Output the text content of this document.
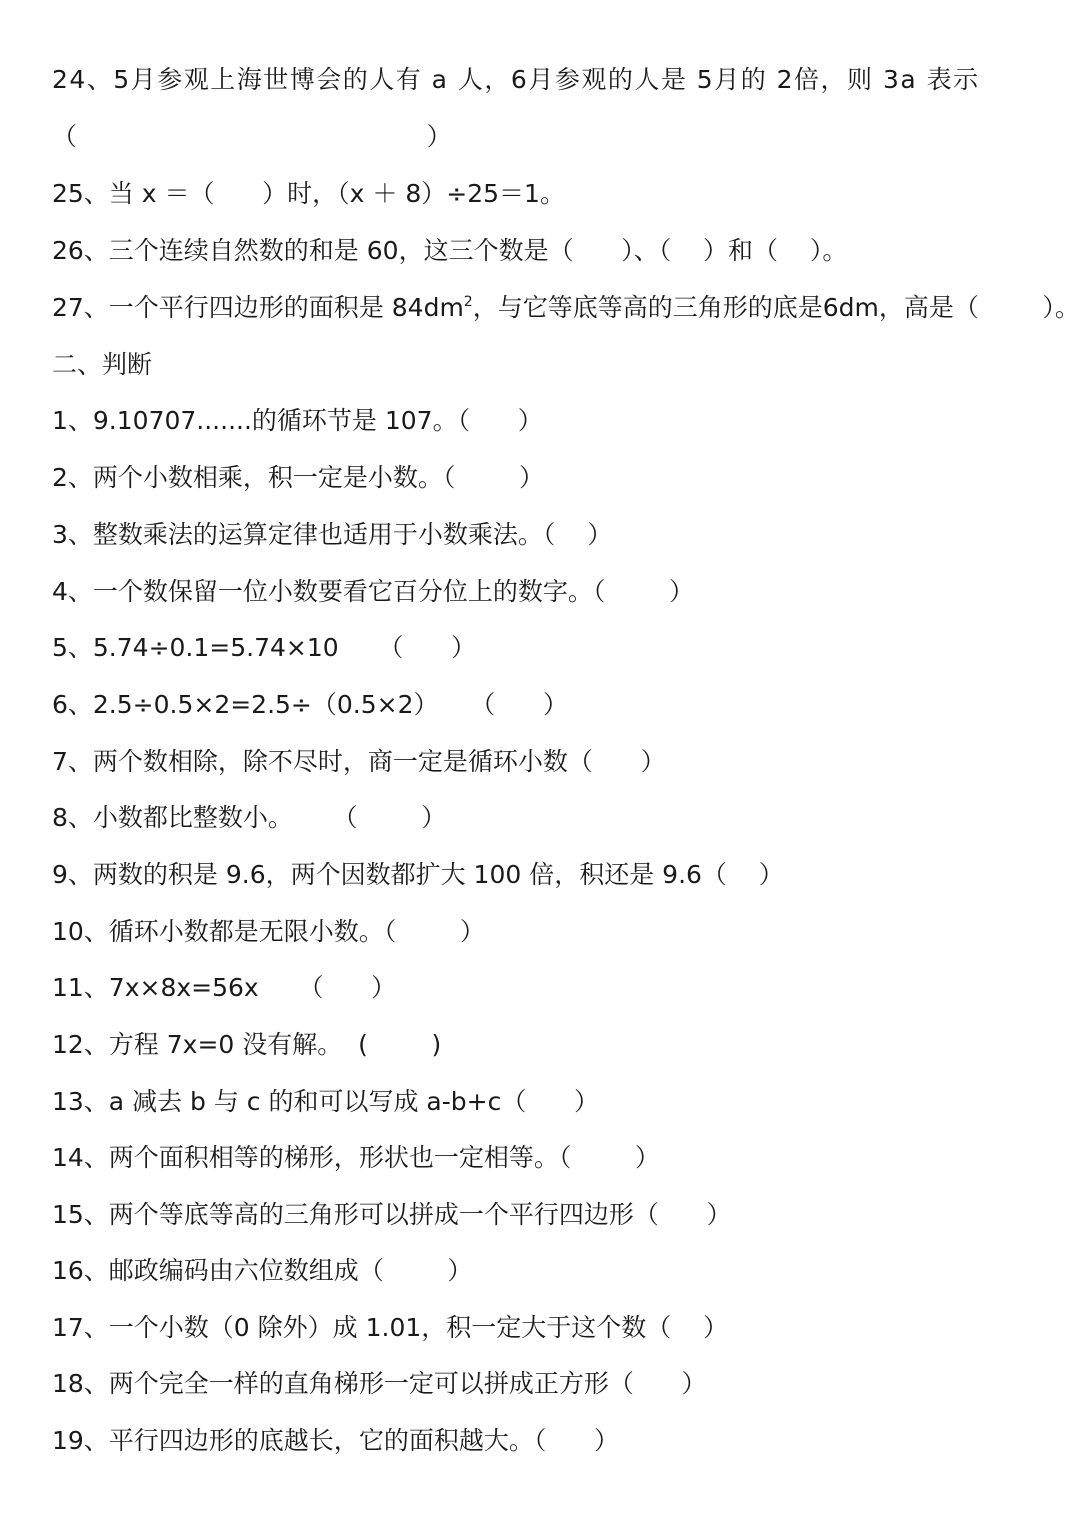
24、5月参观上海世博会的人有 a 人，6月参观的人是 5月的 2倍，则 3a 表示
（                                            ）
25、当 x ＝（      ）时，（x ＋ 8）÷25＝1。
26、三个连续自然数的和是 60，这三个数是（      ）、（    ）和（    ）。
27、一个平行四边形的面积是 $84dm^2$，与它等底等高的三角形的底是6dm，高是（        ）。
二、判断
1、9.10707.......的循环节是 107。（      ）
2、两个小数相乘，积一定是小数。（        ）
3、整数乘法的运算定律也适用于小数乘法。（    ）
4、一个数保留一位小数要看它百分位上的数字。（        ）
5、5.74÷0.1=5.74×10     （      ）
6、2.5÷0.5×2=2.5÷（0.5×2）    （      ）
7、两个数相除，除不尽时，商一定是循环小数（      ）
8、小数都比整数小。     （        ）
9、两数的积是 9.6，两个因数都扩大 100 倍，积还是 9.6（    ）
10、循环小数都是无限小数。（        ）
11、7x×8x=56x     （      ）
12、方程 7x=0 没有解。  (        )
13、a 减去 b 与 c 的和可以写成 a-b+c（      ）
14、两个面积相等的梯形，形状也一定相等。（        ）
15、两个等底等高的三角形可以拼成一个平行四边形（      ）
16、邮政编码由六位数组成（        ）
17、一个小数（0 除外）成 1.01，积一定大于这个数（    ）
18、两个完全一样的直角梯形一定可以拼成正方形（      ）
19、平行四边形的底越长，它的面积越大。（      ）
